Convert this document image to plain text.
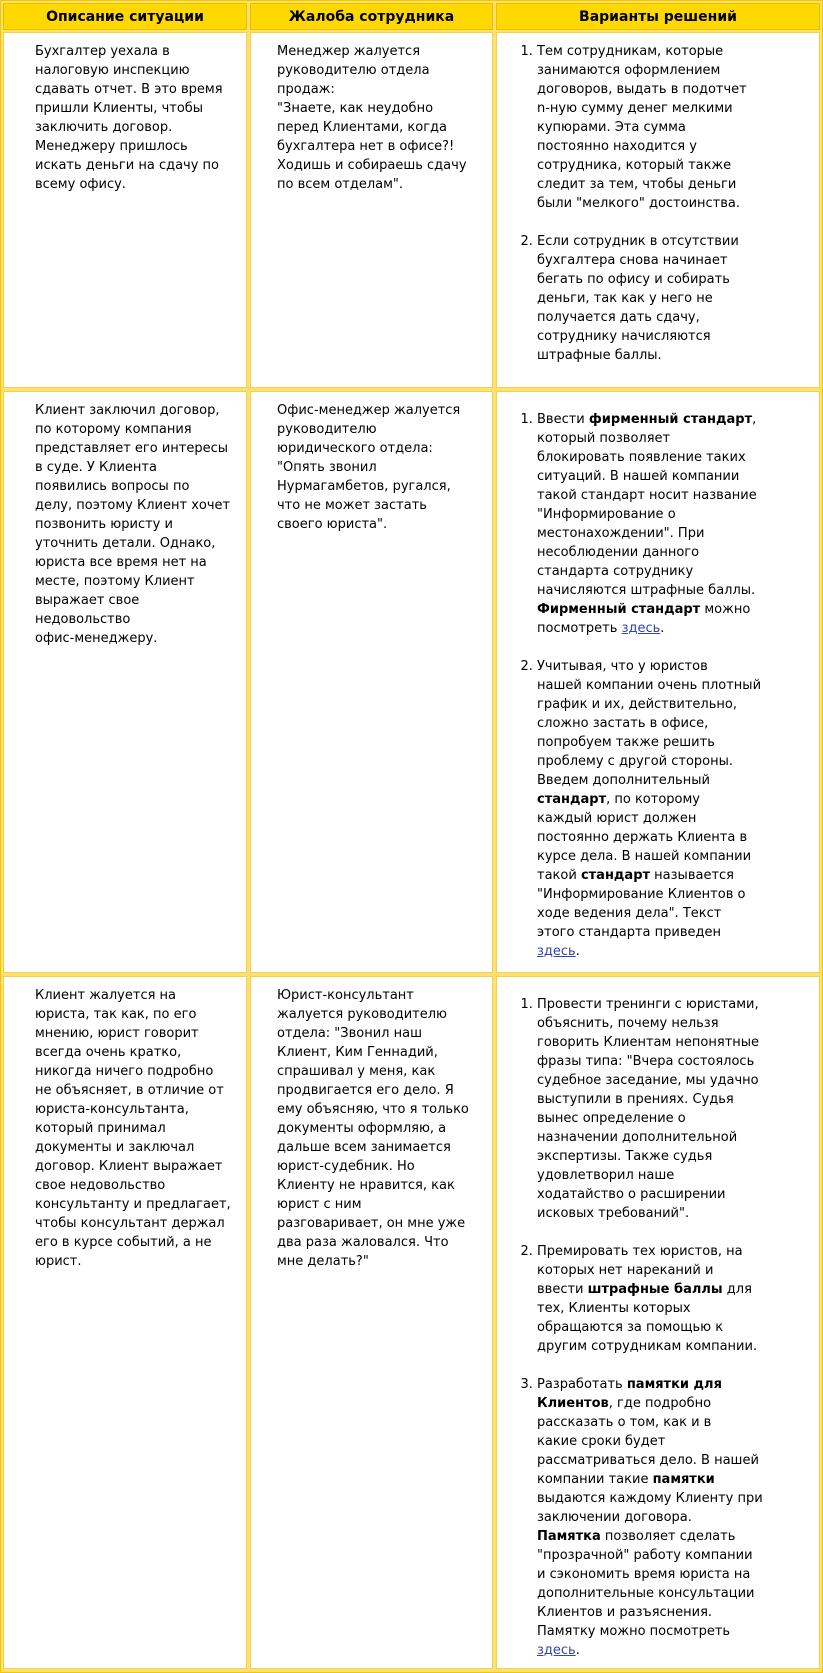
Описание ситуации	Жалоба сотрудника	Варианты решений
Бухгалтер уехала в
налоговую инспекцию
сдавать отчет. В это время
пришли Клиенты, чтобы
заключить договор.
Менеджеру пришлось
искать деньги на сдачу по
всему офису.
Менеджер жалуется
руководителю отдела
продаж:
"Знаете, как неудобно
перед Клиентами, когда
бухгалтера нет в офисе?!
Ходишь и собираешь сдачу
по всем отделам".
1. Тем сотрудникам, которые
занимаются оформлением
договоров, выдать в подотчет
n-ную сумму денег мелкими
купюрами. Эта сумма
постоянно находится у
сотрудника, который также
следит за тем, чтобы деньги
были "мелкого" достоинства.
2. Если сотрудник в отсутствии
бухгалтера снова начинает
бегать по офису и собирать
деньги, так как у него не
получается дать сдачу,
сотруднику начисляются
штрафные баллы.
Клиент заключил договор,
по которому компания
представляет его интересы
в суде. У Клиента
появились вопросы по
делу, поэтому Клиент хочет
позвонить юристу и
уточнить детали. Однако,
юриста все время нет на
месте, поэтому Клиент
выражает свое
недовольство
офис-менеджеру.
Офис-менеджер жалуется
руководителю
юридического отдела:
"Опять звонил
Нурмагамбетов, ругался,
что не может застать
своего юриста".
1. Ввести фирменный стандарт,
который позволяет
блокировать появление таких
ситуаций. В нашей компании
такой стандарт носит название
"Информирование о
местонахождении". При
несоблюдении данного
стандарта сотруднику
начисляются штрафные баллы.
Фирменный стандарт можно
посмотреть здесь.
2. Учитывая, что у юристов
нашей компании очень плотный
график и их, действительно,
сложно застать в офисе,
попробуем также решить
проблему с другой стороны.
Введем дополнительный
стандарт, по которому
каждый юрист должен
постоянно держать Клиента в
курсе дела. В нашей компании
такой стандарт называется
"Информирование Клиентов о
ходе ведения дела". Текст
этого стандарта приведен
здесь.
Клиент жалуется на
юриста, так как, по его
мнению, юрист говорит
всегда очень кратко,
никогда ничего подробно
не объясняет, в отличие от
юриста-консультанта,
который принимал
документы и заключал
договор. Клиент выражает
свое недовольство
консультанту и предлагает,
чтобы консультант держал
его в курсе событий, а не
юрист.
Юрист-консультант
жалуется руководителю
отдела: "Звонил наш
Клиент, Ким Геннадий,
спрашивал у меня, как
продвигается его дело. Я
ему объясняю, что я только
документы оформляю, а
дальше всем занимается
юрист-судебник. Но
Клиенту не нравится, как
юрист с ним
разговаривает, он мне уже
два раза жаловался. Что
мне делать?"
1. Провести тренинги с юристами,
объяснить, почему нельзя
говорить Клиентам непонятные
фразы типа: "Вчера состоялось
судебное заседание, мы удачно
выступили в прениях. Судья
вынес определение о
назначении дополнительной
экспертизы. Также судья
удовлетворил наше
ходатайство о расширении
исковых требований".
2. Премировать тех юристов, на
которых нет нареканий и
ввести штрафные баллы для
тех, Клиенты которых
обращаются за помощью к
другим сотрудникам компании.
3. Разработать памятки для
Клиентов, где подробно
рассказать о том, как и в
какие сроки будет
рассматриваться дело. В нашей
компании такие памятки
выдаются каждому Клиенту при
заключении договора.
Памятка позволяет сделать
"прозрачной" работу компании
и сэкономить время юриста на
дополнительные консультации
Клиентов и разъяснения.
Памятку можно посмотреть
здесь.
